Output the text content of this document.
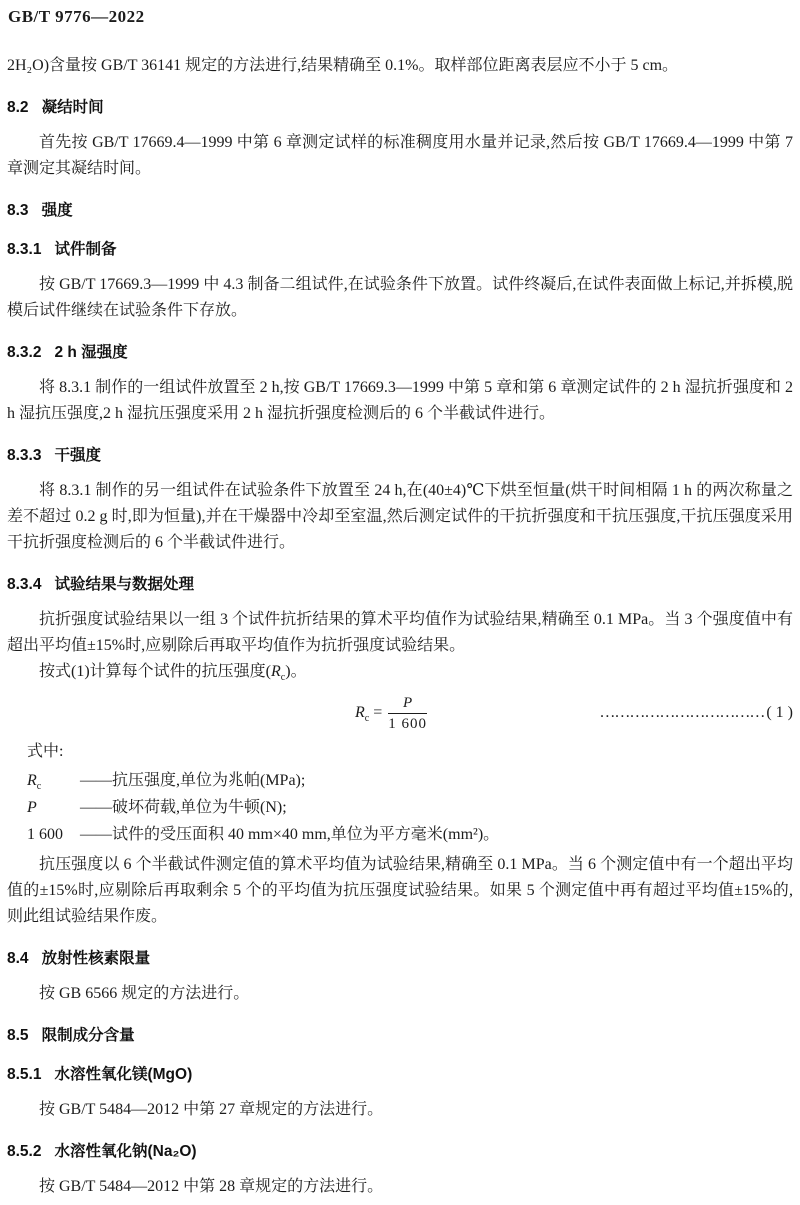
GB/T 9776—2022

2H₂O)含量按 GB/T 36141 规定的方法进行,结果精确至 0.1%。取样部位距离表层应不小于 5 cm。

8.2 凝结时间

首先按 GB/T 17669.4—1999 中第 6 章测定试样的标准稠度用水量并记录,然后按 GB/T 17669.4—1999 中第 7 章测定其凝结时间。

8.3 强度
8.3.1 试件制备

按 GB/T 17669.3—1999 中 4.3 制备二组试件,在试验条件下放置。试件终凝后,在试件表面做上标记,并拆模,脱模后试件继续在试验条件下存放。

8.3.2 2 h 湿强度

将 8.3.1 制作的一组试件放置至 2 h,按 GB/T 17669.3—1999 中第 5 章和第 6 章测定试件的 2 h 湿抗折强度和 2 h 湿抗压强度,2 h 湿抗压强度采用 2 h 湿抗折强度检测后的 6 个半截试件进行。

8.3.3 干强度

将 8.3.1 制作的另一组试件在试验条件下放置至 24 h,在(40±4)℃下烘至恒量(烘干时间相隔 1 h 的两次称量之差不超过 0.2 g 时,即为恒量),并在干燥器中冷却至室温,然后测定试件的干抗折强度和干抗压强度,干抗压强度采用干抗折强度检测后的 6 个半截试件进行。

8.3.4 试验结果与数据处理

抗折强度试验结果以一组 3 个试件抗折结果的算术平均值作为试验结果,精确至 0.1 MPa。当 3 个强度值中有超出平均值±15%时,应剔除后再取平均值作为抗折强度试验结果。

按式(1)计算每个试件的抗压强度$(R_c)$。

$R_c = \frac{P}{1 600}$	…………………………… ( 1 )
式中:
$R_c$	——抗压强度,单位为兆帕(MPa);
P	——破坏荷载,单位为牛顿(N);
1 600	——试件的受压面积 40 mm×40 mm,单位为平方毫米(mm²)。

抗压强度以 6 个半截试件测定值的算术平均值为试验结果,精确至 0.1 MPa。当 6 个测定值中有一个超出平均值的±15%时,应剔除后再取剩余 5 个的平均值为抗压强度试验结果。如果 5 个测定值中再有超过平均值±15%的,则此组试验结果作废。

8.4 放射性核素限量

按 GB 6566 规定的方法进行。

8.5 限制成分含量
8.5.1 水溶性氧化镁(MgO)

按 GB/T 5484—2012 中第 27 章规定的方法进行。

8.5.2 水溶性氧化钠(Na₂O)

按 GB/T 5484—2012 中第 28 章规定的方法进行。
